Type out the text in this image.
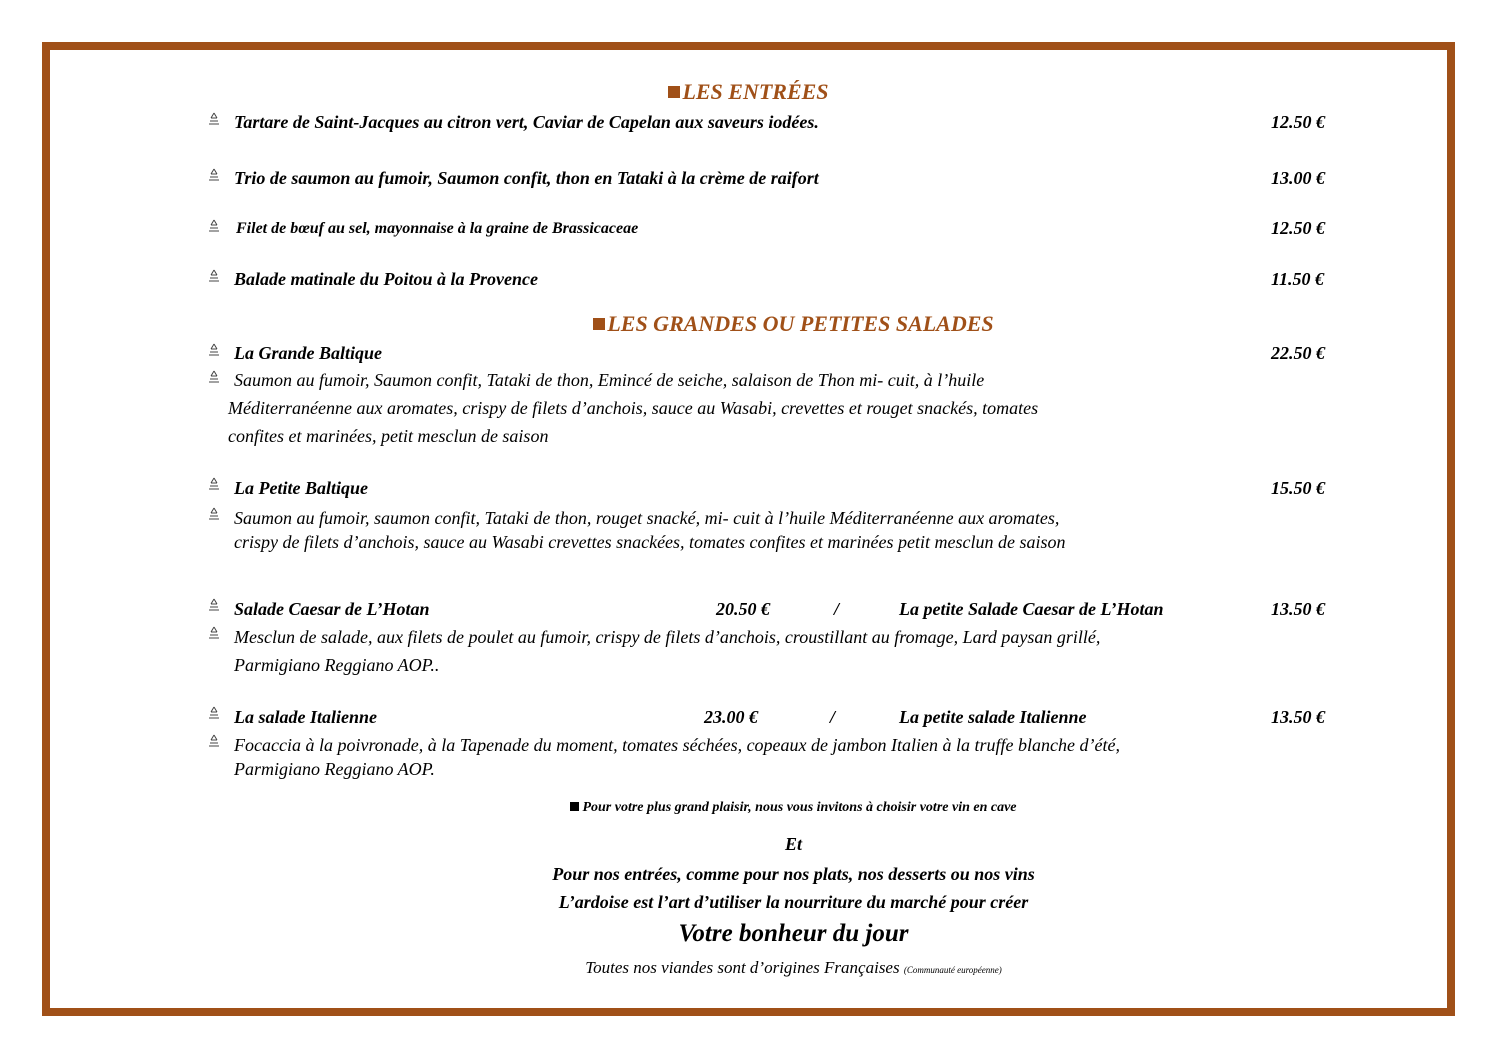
LES ENTRÉES
Tartare de Saint-Jacques au citron vert, Caviar de Capelan aux saveurs iodées.	12.50 €
Trio de saumon au fumoir, Saumon confit, thon en Tataki à la crème de raifort	13.00 €
Filet de bœuf au sel, mayonnaise à la graine de Brassicaceae	12.50 €
Balade matinale du Poitou à la Provence	11.50 €
LES GRANDES OU PETITES SALADES
La Grande Baltique	22.50 €
Saumon au fumoir, Saumon confit, Tataki de thon, Emincé de seiche, salaison de Thon mi- cuit, à l’huile
Méditerranéenne aux aromates, crispy de filets d’anchois, sauce au Wasabi, crevettes et rouget snackés, tomates
confites et marinées, petit mesclun de saison
La Petite Baltique	15.50 €
Saumon au fumoir, saumon confit, Tataki de thon, rouget snacké, mi- cuit à l’huile Méditerranéenne aux aromates,
crispy de filets d’anchois, sauce au Wasabi crevettes snackées, tomates confites et marinées petit mesclun de saison
Salade Caesar de L’Hotan	20.50 €	/	La petite Salade Caesar de L’Hotan	13.50 €
Mesclun de salade, aux filets de poulet au fumoir, crispy de filets d’anchois, croustillant au fromage, Lard paysan grillé,
Parmigiano Reggiano AOP..
La salade Italienne	23.00 €	/	La petite salade Italienne	13.50 €
Focaccia à la poivronade, à la Tapenade du moment, tomates séchées, copeaux de jambon Italien à la truffe blanche d’été,
Parmigiano Reggiano AOP.
Pour votre plus grand plaisir, nous vous invitons à choisir votre vin en cave
Et
Pour nos entrées, comme pour nos plats, nos desserts ou nos vins
L’ardoise est l’art d’utiliser la nourriture du marché pour créer
Votre bonheur du jour
Toutes nos viandes sont d’origines Françaises (Communauté européenne)
